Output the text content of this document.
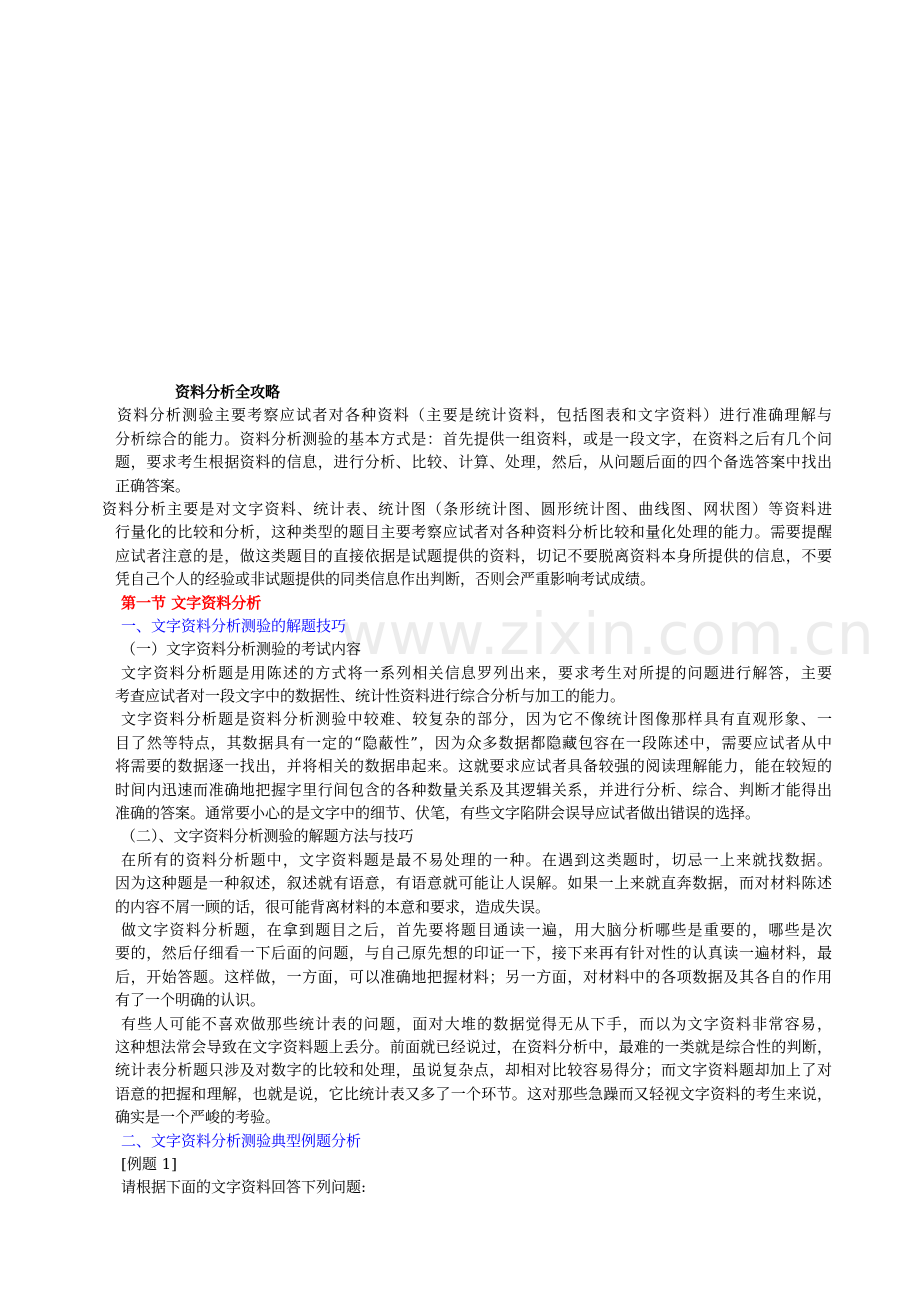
www.zixin.com.cn
资料分析全攻略
资料分析测验主要考察应试者对各种资料（主要是统计资料，包括图表和文字资料）进行准确理解与
分析综合的能力。资料分析测验的基本方式是：首先提供一组资料，或是一段文字，在资料之后有几个问
题，要求考生根据资料的信息，进行分析、比较、计算、处理，然后，从问题后面的四个备选答案中找出
正确答案。
资料分析主要是对文字资料、统计表、统计图（条形统计图、圆形统计图、曲线图、网状图）等资料进
行量化的比较和分析，这种类型的题目主要考察应试者对各种资料分析比较和量化处理的能力。需要提醒
应试者注意的是，做这类题目的直接依据是试题提供的资料，切记不要脱离资料本身所提供的信息，不要
凭自己个人的经验或非试题提供的同类信息作出判断，否则会严重影响考试成绩。
第一节 文字资料分析
一、文字资料分析测验的解题技巧
（一）文字资料分析测验的考试内容
文字资料分析题是用陈述的方式将一系列相关信息罗列出来，要求考生对所提的问题进行解答，主要
考查应试者对一段文字中的数据性、统计性资料进行综合分析与加工的能力。
文字资料分析题是资料分析测验中较难、较复杂的部分，因为它不像统计图像那样具有直观形象、一
目了然等特点，其数据具有一定的“隐蔽性”，因为众多数据都隐藏包容在一段陈述中，需要应试者从中
将需要的数据逐一找出，并将相关的数据串起来。这就要求应试者具备较强的阅读理解能力，能在较短的
时间内迅速而准确地把握字里行间包含的各种数量关系及其逻辑关系，并进行分析、综合、判断才能得出
准确的答案。通常要小心的是文字中的细节、伏笔，有些文字陷阱会误导应试者做出错误的选择。
（二）、文字资料分析测验的解题方法与技巧
在所有的资料分析题中，文字资料题是最不易处理的一种。在遇到这类题时，切忌一上来就找数据。
因为这种题是一种叙述，叙述就有语意，有语意就可能让人误解。如果一上来就直奔数据，而对材料陈述
的内容不屑一顾的话，很可能背离材料的本意和要求，造成失误。
做文字资料分析题，在拿到题目之后，首先要将题目通读一遍，用大脑分析哪些是重要的，哪些是次
要的，然后仔细看一下后面的问题，与自己原先想的印证一下，接下来再有针对性的认真读一遍材料，最
后，开始答题。这样做，一方面，可以准确地把握材料；另一方面，对材料中的各项数据及其各自的作用
有了一个明确的认识。
有些人可能不喜欢做那些统计表的问题，面对大堆的数据觉得无从下手，而以为文字资料非常容易，
这种想法常会导致在文字资料题上丢分。前面就已经说过，在资料分析中，最难的一类就是综合性的判断，
统计表分析题只涉及对数字的比较和处理，虽说复杂点，却相对比较容易得分；而文字资料题却加上了对
语意的把握和理解，也就是说，它比统计表又多了一个环节。这对那些急躁而又轻视文字资料的考生来说，
确实是一个严峻的考验。
二、文字资料分析测验典型例题分析
[例题 1]
请根据下面的文字资料回答下列问题:
